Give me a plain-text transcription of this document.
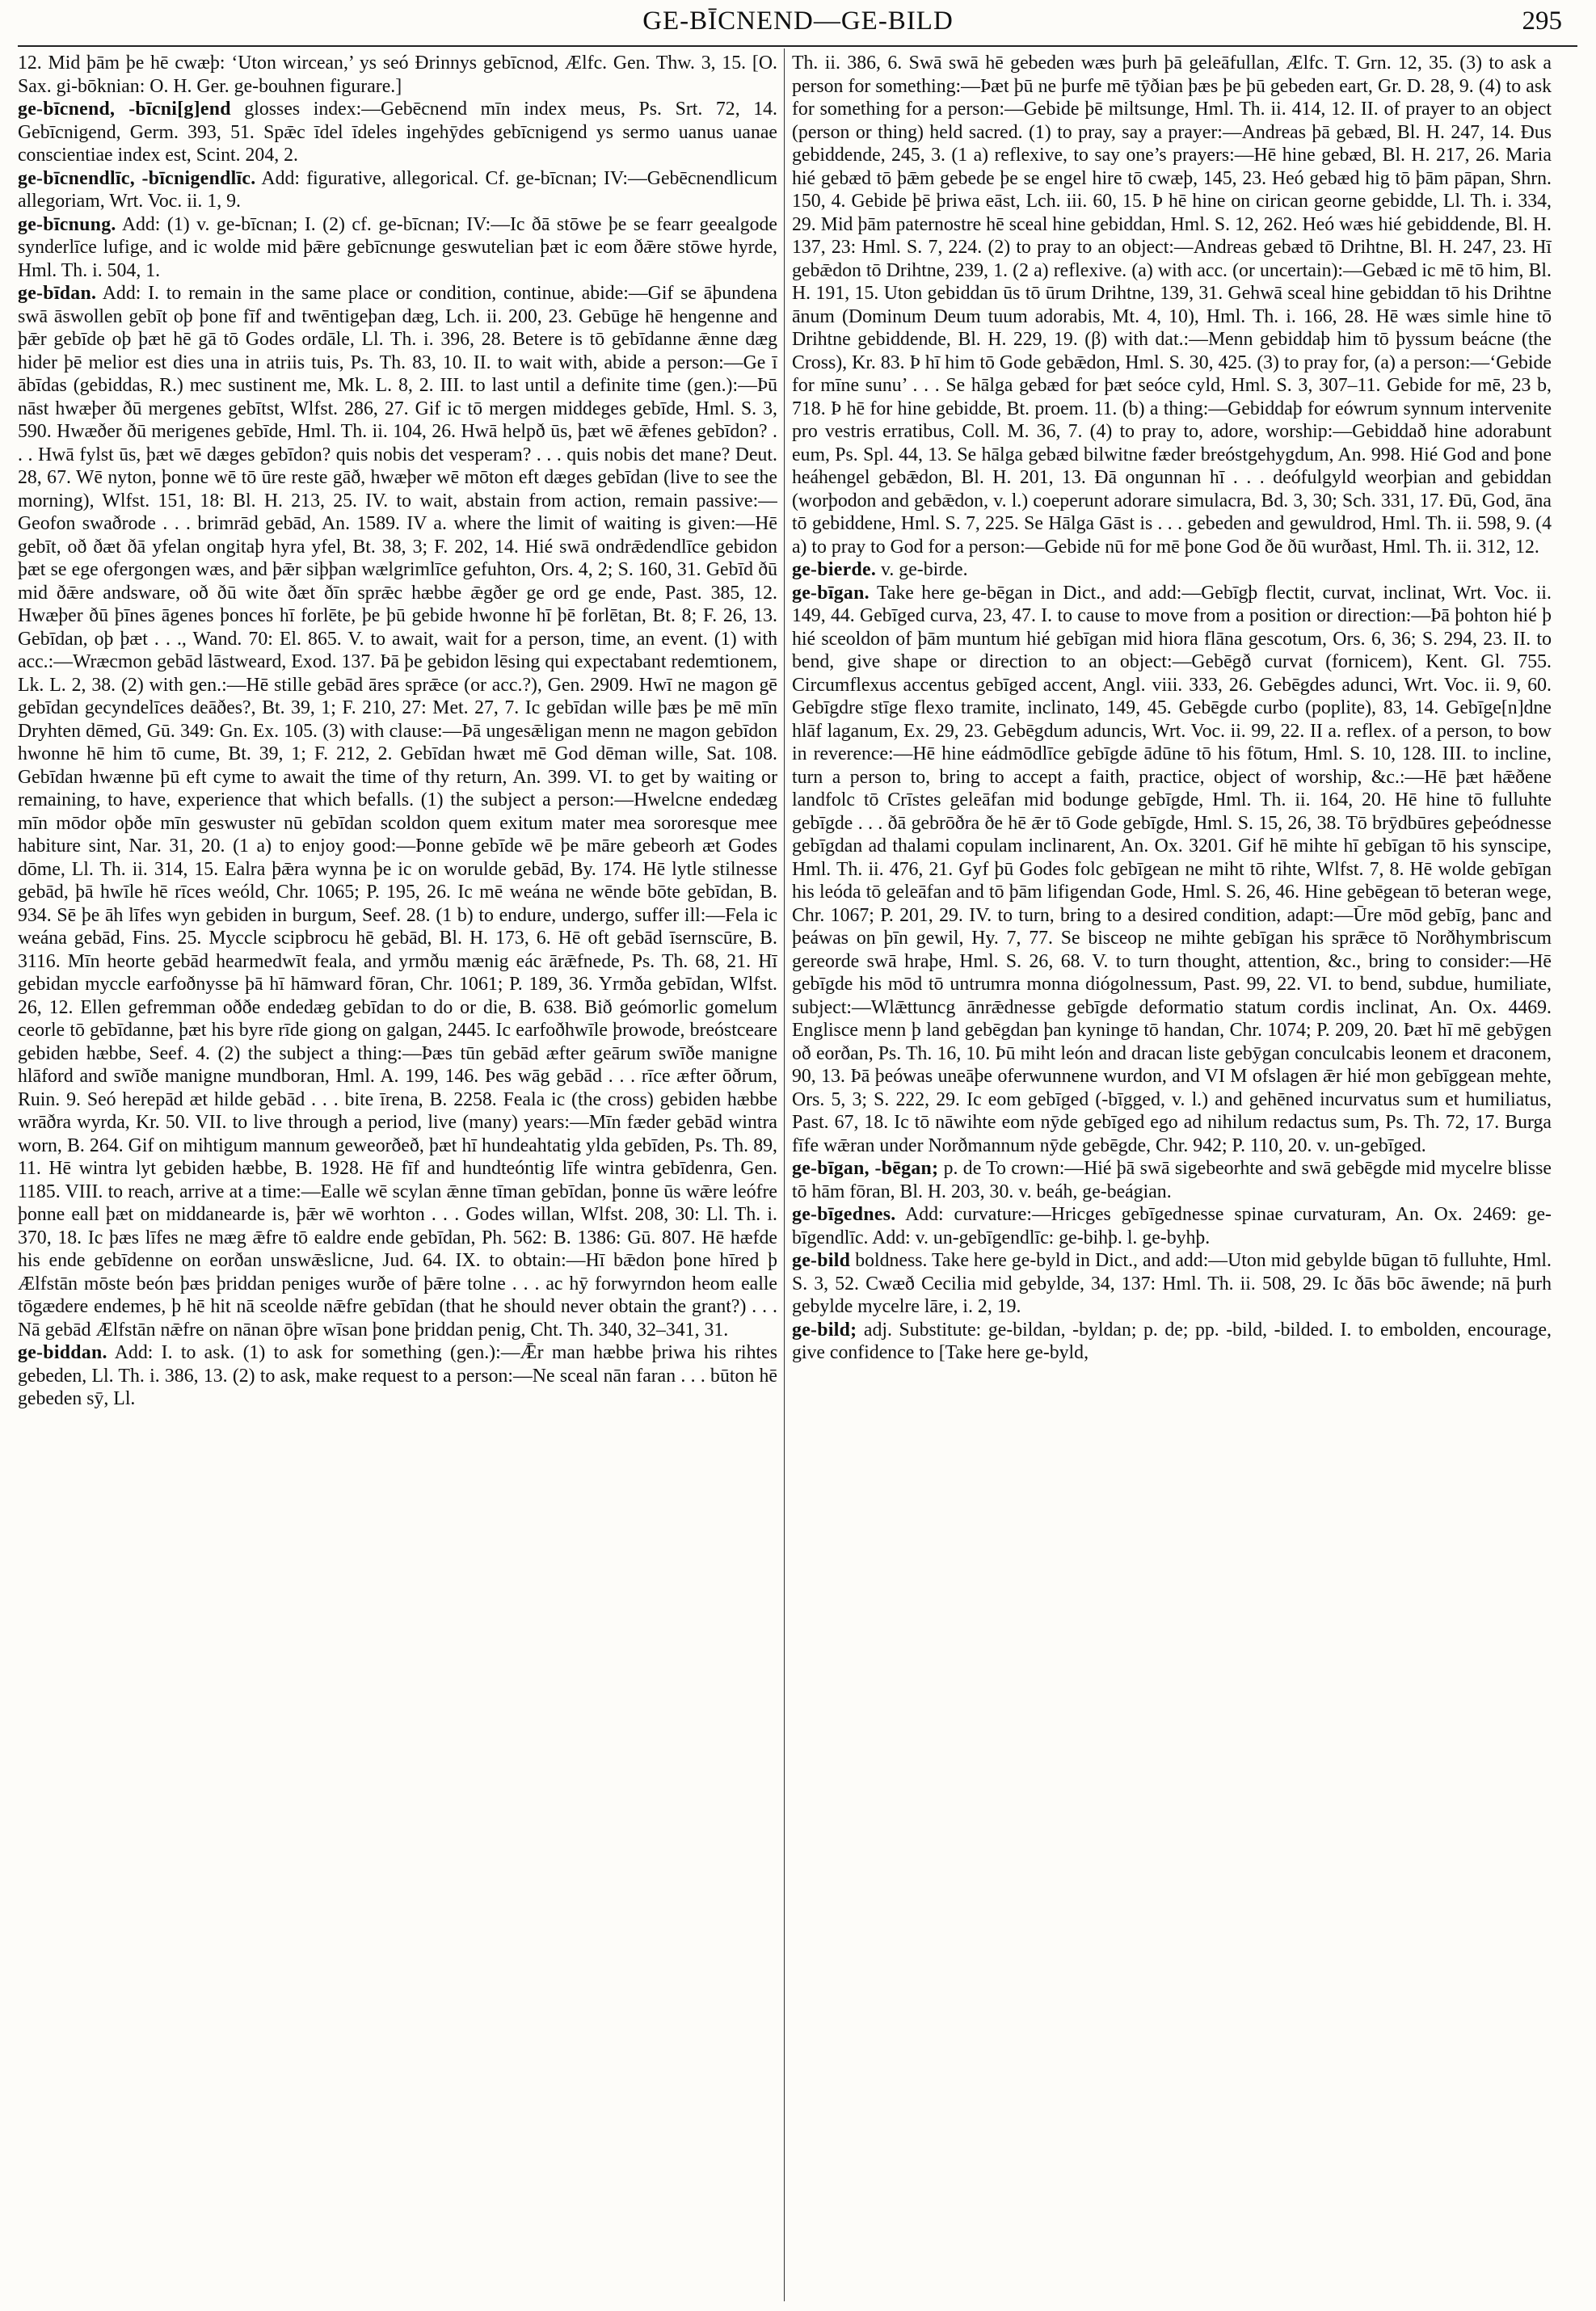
GE-BĪCNEND—GE-BILD	295

12. Mid þām þe hē cwæþ: ‘Uton wircean,’ ys seó Ðrinnys gebīcnod, Ælfc. Gen. Thw. 3, 15. [O. Sax. gi-bōknian: O. H. Ger. ge-bouhnen figurare.]

ge-bīcnend, -bīcni[g]end glosses index:—Gebēcnend mīn index meus, Ps. Srt. 72, 14. Gebīcnigend, Germ. 393, 51. Spǣc īdel īdeles ingehȳdes gebīcnigend ys sermo uanus uanae conscientiae index est, Scint. 204, 2.

ge-bīcnendlīc, -bīcnigendlīc. Add: figurative, allegorical. Cf. ge-bīcnan; IV:—Gebēcnendlicum allegoriam, Wrt. Voc. ii. 1, 9.

ge-bīcnung. Add: (1) v. ge-bīcnan; I. (2) cf. ge-bīcnan; IV:—Ic ðā stōwe þe se fearr geealgode synderlīce lufige, and ic wolde mid þǣre gebīcnunge geswutelian þæt ic eom ðǣre stōwe hyrde, Hml. Th. i. 504, 1.

ge-bīdan. Add: I. to remain in the same place or condition, continue, abide:—Gif se āþundena swā āswollen gebīt oþ þone fīf and twēntigeþan dæg, Lch. ii. 200, 23. Gebūge hē hengenne and þǣr gebīde oþ þæt hē gā tō Godes ordāle, Ll. Th. i. 396, 28. Betere is tō gebīdanne ǣnne dæg hider þē melior est dies una in atriis tuis, Ps. Th. 83, 10. II. to wait with, abide a person:—Ge ī ābīdas (gebiddas, R.) mec sustinent me, Mk. L. 8, 2. III. to last until a definite time (gen.):—Þū nāst hwæþer ðū mergenes gebītst, Wlfst. 286, 27. Gif ic tō mergen middeges gebīde, Hml. S. 3, 590. Hwæðer ðū merigenes gebīde, Hml. Th. ii. 104, 26. Hwā helpð ūs, þæt wē ǣfenes gebīdon? . . . Hwā fylst ūs, þæt wē dæges gebīdon? quis nobis det vesperam? . . . quis nobis det mane? Deut. 28, 67. Wē nyton, þonne wē tō ūre reste gāð, hwæþer wē mōton eft dæges gebīdan (live to see the morning), Wlfst. 151, 18: Bl. H. 213, 25. IV. to wait, abstain from action, remain passive:—Geofon swaðrode . . . brimrād gebād, An. 1589. IV a. where the limit of waiting is given:—Hē gebīt, oð ðæt ðā yfelan ongitaþ hyra yfel, Bt. 38, 3; F. 202, 14. Hié swā ondrǣdendlīce gebidon þæt se ege ofergongen wæs, and þǣr siþþan wælgrimlīce gefuhton, Ors. 4, 2; S. 160, 31. Gebīd ðū mid ðǣre andsware, oð ðū wite ðæt ðīn sprǣc hæbbe ǣgðer ge ord ge ende, Past. 385, 12. Hwæþer ðū þīnes āgenes þonces hī forlēte, þe þū gebide hwonne hī þē forlētan, Bt. 8; F. 26, 13. Gebīdan, oþ þæt . . ., Wand. 70: El. 865. V. to await, wait for a person, time, an event. (1) with acc.:—Wræcmon gebād lāstweard, Exod. 137. Þā þe gebidon lēsing qui expectabant redemtionem, Lk. L. 2, 38. (2) with gen.:—Hē stille gebād āres sprǣce (or acc.?), Gen. 2909. Hwī ne magon gē gebīdan gecyndelīces deāðes?, Bt. 39, 1; F. 210, 27: Met. 27, 7. Ic gebīdan wille þæs þe mē mīn Dryhten dēmed, Gū. 349: Gn. Ex. 105. (3) with clause:—Þā ungesǣligan menn ne magon gebīdon hwonne hē him tō cume, Bt. 39, 1; F. 212, 2. Gebīdan hwæt mē God dēman wille, Sat. 108. Gebīdan hwænne þū eft cyme to await the time of thy return, An. 399. VI. to get by waiting or remaining, to have, experience that which befalls. (1) the subject a person:—Hwelcne endedæg mīn mōdor oþðe mīn geswuster nū gebīdan scoldon quem exitum mater mea sororesque mee habiture sint, Nar. 31, 20. (1 a) to enjoy good:—Þonne gebīde wē þe māre gebeorh æt Godes dōme, Ll. Th. ii. 314, 15. Ealra þǣra wynna þe ic on worulde gebād, By. 174. Hē lytle stilnesse gebād, þā hwīle hē rīces weóld, Chr. 1065; P. 195, 26. Ic mē weána ne wēnde bōte gebīdan, B. 934. Sē þe āh līfes wyn gebiden in burgum, Seef. 28. (1 b) to endure, undergo, suffer ill:—Fela ic weána gebād, Fins. 25. Myccle scipbrocu hē gebād, Bl. H. 173, 6. Hē oft gebād īsernscūre, B. 3116. Mīn heorte gebād hearmedwīt feala, and yrmðu mænig eác ārǣfnede, Ps. Th. 68, 21. Hī gebidan myccle earfoðnysse þā hī hāmward fōran, Chr. 1061; P. 189, 36. Yrmða gebīdan, Wlfst. 26, 12. Ellen gefremman oððe endedæg gebīdan to do or die, B. 638. Bið geómorlic gomelum ceorle tō gebīdanne, þæt his byre rīde giong on galgan, 2445. Ic earfoðhwīle þrowode, breóstceare gebiden hæbbe, Seef. 4. (2) the subject a thing:—Þæs tūn gebād æfter geārum swīðe manigne hlāford and swīðe manigne mundboran, Hml. A. 199, 146. Þes wāg gebād . . . rīce æfter ōðrum, Ruin. 9. Seó herepād æt hilde gebād . . . bite īrena, B. 2258. Feala ic (the cross) gebiden hæbbe wrāðra wyrda, Kr. 50. VII. to live through a period, live (many) years:—Mīn fæder gebād wintra worn, B. 264. Gif on mihtigum mannum geweorðeð, þæt hī hundeahtatig ylda gebīden, Ps. Th. 89, 11. Hē wintra lyt gebiden hæbbe, B. 1928. Hē fīf and hundteóntig līfe wintra gebīdenra, Gen. 1185. VIII. to reach, arrive at a time:—Ealle wē scylan ǣnne tīman gebīdan, þonne ūs wǣre leófre þonne eall þæt on middanearde is, þǣr wē worhton . . . Godes willan, Wlfst. 208, 30: Ll. Th. i. 370, 18. Ic þæs līfes ne mæg ǣfre tō ealdre ende gebīdan, Ph. 562: B. 1386: Gū. 807. Hē hæfde his ende gebīdenne on eorðan unswǣslicne, Jud. 64. IX. to obtain:—Hī bǣdon þone hīred þ Ælfstān mōste beón þæs þriddan peniges wurðe of þǣre tolne . . . ac hȳ forwyrndon heom ealle tōgædere endemes, þ hē hit nā sceolde nǣfre gebīdan (that he should never obtain the grant?) . . . Nā gebād Ælfstān nǣfre on nānan ōþre wīsan þone þriddan penig, Cht. Th. 340, 32–341, 31.

ge-biddan. Add: I. to ask. (1) to ask for something (gen.):—Ǣr man hæbbe þriwa his rihtes gebeden, Ll. Th. i. 386, 13. (2) to ask, make request to a person:—Ne sceal nān faran . . . būton hē gebeden sȳ, Ll.

Th. ii. 386, 6. Swā swā hē gebeden wæs þurh þā geleāfullan, Ælfc. T. Grn. 12, 35. (3) to ask a person for something:—Þæt þū ne þurfe mē tȳðian þæs þe þū gebeden eart, Gr. D. 28, 9. (4) to ask for something for a person:—Gebide þē miltsunge, Hml. Th. ii. 414, 12. II. of prayer to an object (person or thing) held sacred. (1) to pray, say a prayer:—Andreas þā gebæd, Bl. H. 247, 14. Ðus gebiddende, 245, 3. (1 a) reflexive, to say one’s prayers:—Hē hine gebæd, Bl. H. 217, 26. Maria hié gebæd tō þǣm gebede þe se engel hire tō cwæþ, 145, 23. Heó gebæd hig tō þām pāpan, Shrn. 150, 4. Gebide þē þriwa eāst, Lch. iii. 60, 15. Þ hē hine on cirican georne gebidde, Ll. Th. i. 334, 29. Mid þām paternostre hē sceal hine gebiddan, Hml. S. 12, 262. Heó wæs hié gebiddende, Bl. H. 137, 23: Hml. S. 7, 224. (2) to pray to an object:—Andreas gebæd tō Drihtne, Bl. H. 247, 23. Hī gebǣdon tō Drihtne, 239, 1. (2 a) reflexive. (a) with acc. (or uncertain):—Gebæd ic mē tō him, Bl. H. 191, 15. Uton gebiddan ūs tō ūrum Drihtne, 139, 31. Gehwā sceal hine gebiddan tō his Drihtne ānum (Dominum Deum tuum adorabis, Mt. 4, 10), Hml. Th. i. 166, 28. Hē wæs simle hine tō Drihtne gebiddende, Bl. H. 229, 19. (β) with dat.:—Menn gebiddaþ him tō þyssum beácne (the Cross), Kr. 83. Þ hī him tō Gode gebǣdon, Hml. S. 30, 425. (3) to pray for, (a) a person:—‘Gebide for mīne sunu’ . . . Se hālga gebæd for þæt seóce cyld, Hml. S. 3, 307–11. Gebide for mē, 23 b, 718. Þ hē for hine gebidde, Bt. proem. 11. (b) a thing:—Gebiddaþ for eówrum synnum intervenite pro vestris erratibus, Coll. M. 36, 7. (4) to pray to, adore, worship:—Gebiddað hine adorabunt eum, Ps. Spl. 44, 13. Se hālga gebæd bilwitne fæder breóstgehygdum, An. 998. Hié God and þone heáhengel gebǣdon, Bl. H. 201, 13. Ðā ongunnan hī . . . deófulgyld weorþian and gebiddan (worþodon and gebǣdon, v. l.) coeperunt adorare simulacra, Bd. 3, 30; Sch. 331, 17. Ðū, God, āna tō gebiddene, Hml. S. 7, 225. Se Hālga Gāst is . . . gebeden and gewuldrod, Hml. Th. ii. 598, 9. (4 a) to pray to God for a person:—Gebide nū for mē þone God ðe ðū wurðast, Hml. Th. ii. 312, 12.

ge-bierde. v. ge-birde.

ge-bīgan. Take here ge-bēgan in Dict., and add:—Gebīgþ flectit, curvat, inclinat, Wrt. Voc. ii. 149, 44. Gebīged curva, 23, 47. I. to cause to move from a position or direction:—Þā þohton hié þ hié sceoldon of þām muntum hié gebīgan mid hiora flāna gescotum, Ors. 6, 36; S. 294, 23. II. to bend, give shape or direction to an object:—Gebēgð curvat (fornicem), Kent. Gl. 755. Circumflexus accentus gebīged accent, Angl. viii. 333, 26. Gebēgdes adunci, Wrt. Voc. ii. 9, 60. Gebīgdre stīge flexo tramite, inclinato, 149, 45. Gebēgde curbo (poplite), 83, 14. Gebīge[n]dne hlāf laganum, Ex. 29, 23. Gebēgdum aduncis, Wrt. Voc. ii. 99, 22. II a. reflex. of a person, to bow in reverence:—Hē hine eádmōdlīce gebīgde ādūne tō his fōtum, Hml. S. 10, 128. III. to incline, turn a person to, bring to accept a faith, practice, object of worship, &c.:—Hē þæt hǣðene landfolc tō Crīstes geleāfan mid bodunge gebīgde, Hml. Th. ii. 164, 20. Hē hine tō fulluhte gebīgde . . . ðā gebrōðra ðe hē ǣr tō Gode gebīgde, Hml. S. 15, 26, 38. Tō brȳdbūres geþeódnesse gebīgdan ad thalami copulam inclinarent, An. Ox. 3201. Gif hē mihte hī gebīgan tō his synscipe, Hml. Th. ii. 476, 21. Gyf þū Godes folc gebīgean ne miht tō rihte, Wlfst. 7, 8. Hē wolde gebīgan his leóda tō geleāfan and tō þām lifigendan Gode, Hml. S. 26, 46. Hine gebēgean tō beteran wege, Chr. 1067; P. 201, 29. IV. to turn, bring to a desired condition, adapt:—Ūre mōd gebīg, þanc and þeáwas on þīn gewil, Hy. 7, 77. Se bisceop ne mihte gebīgan his sprǣce tō Norðhymbriscum gereorde swā hraþe, Hml. S. 26, 68. V. to turn thought, attention, &c., bring to consider:—Hē gebīgde his mōd tō untrumra monna diógolnessum, Past. 99, 22. VI. to bend, subdue, humiliate, subject:—Wlǣttuncg ānrǣdnesse gebīgde deformatio statum cordis inclinat, An. Ox. 4469. Englisce menn þ land gebēgdan þan kyninge tō handan, Chr. 1074; P. 209, 20. Þæt hī mē gebȳgen oð eorðan, Ps. Th. 16, 10. Þū miht león and dracan liste gebȳgan conculcabis leonem et draconem, 90, 13. Þā þeówas uneāþe oferwunnene wurdon, and VI M ofslagen ǣr hié mon gebīggean mehte, Ors. 5, 3; S. 222, 29. Ic eom gebīged (-bīgged, v. l.) and gehēned incurvatus sum et humiliatus, Past. 67, 18. Ic tō nāwihte eom nȳde gebīged ego ad nihilum redactus sum, Ps. Th. 72, 17. Burga fīfe wǣran under Norðmannum nȳde gebēgde, Chr. 942; P. 110, 20. v. un-gebīged.

ge-bīgan, -bēgan; p. de To crown:—Hié þā swā sigebeorhte and swā gebēgde mid mycelre blisse tō hām fōran, Bl. H. 203, 30. v. beáh, ge-beágian.

ge-bīgednes. Add: curvature:—Hricges gebīgednesse spinae curvaturam, An. Ox. 2469: ge-bīgendlīc. Add: v. un-gebīgendlīc: ge-bihþ. l. ge-byhþ.

ge-bild boldness. Take here ge-byld in Dict., and add:—Uton mid gebylde būgan tō fulluhte, Hml. S. 3, 52. Cwæð Cecilia mid gebylde, 34, 137: Hml. Th. ii. 508, 29. Ic ðās bōc āwende; nā þurh gebylde mycelre lāre, i. 2, 19.

ge-bild; adj. Substitute: ge-bildan, -byldan; p. de; pp. -bild, -bilded. I. to embolden, encourage, give confidence to [Take here ge-byld,
